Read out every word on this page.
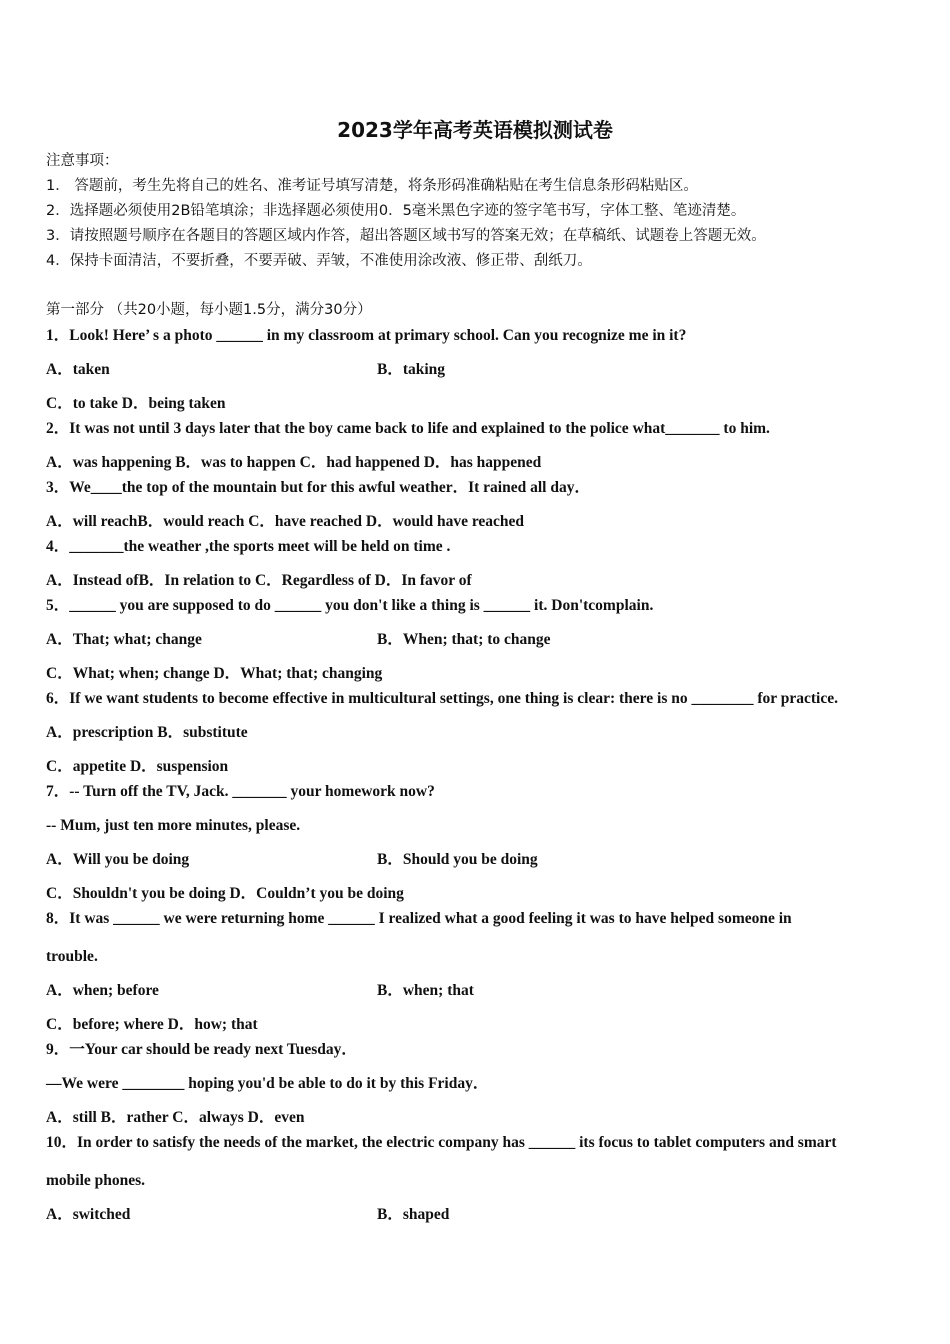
2023学年高考英语模拟测试卷
注意事项：
1． 答题前，考生先将自己的姓名、准考证号填写清楚，将条形码准确粘贴在考生信息条形码粘贴区。
2．选择题必须使用2B铅笔填涂；非选择题必须使用0．5毫米黑色字迹的签字笔书写，字体工整、笔迹清楚。
3．请按照题号顺序在各题目的答题区域内作答，超出答题区域书写的答案无效；在草稿纸、试题卷上答题无效。
4．保持卡面清洁，不要折叠，不要弄破、弄皱，不准使用涂改液、修正带、刮纸刀。
第一部分 （共20小题，每小题1.5分，满分30分）
1．Look! Here’ s a photo ______ in my classroom at primary school. Can you recognize me in it?
A．taken	B．taking
C．to take D．being taken
2．It was not until 3 days later that the boy came back to life and explained to the police what_______ to him.
A．was happening B．was to happen C．had happened D．has happened
3．We____the top of the mountain but for this awful weather．It rained all day．
A．will reachB．would reach C．have reached D．would have reached
4．_______the weather ,the sports meet will be held on time .
A．Instead ofB．In relation to C．Regardless of D．In favor of
5．______ you are supposed to do ______ you don't like a thing is ______ it. Don'tcomplain.
A．That; what; change	B．When; that; to change
C．What; when; change D．What; that; changing
6．If we want students to become effective in multicultural settings, one thing is clear: there is no ________ for practice.
A．prescription B．substitute
C．appetite D．suspension
7．-- Turn off the TV, Jack. _______ your homework now?
-- Mum, just ten more minutes, please.
A．Will you be doing	B．Should you be doing
C．Shouldn't you be doing D．Couldn’t you be doing
8．It was ______ we were returning home ______ I realized what a good feeling it was to have helped someone in
trouble.
A．when; before	B．when; that
C．before; where D．how; that
9．一Your car should be ready next Tuesday．
—We were ________ hoping you'd be able to do it by this Friday．
A．still B．rather C．always D．even
10．In order to satisfy the needs of the market, the electric company has ______ its focus to tablet computers and smart
mobile phones.
A．switched	B．shaped
